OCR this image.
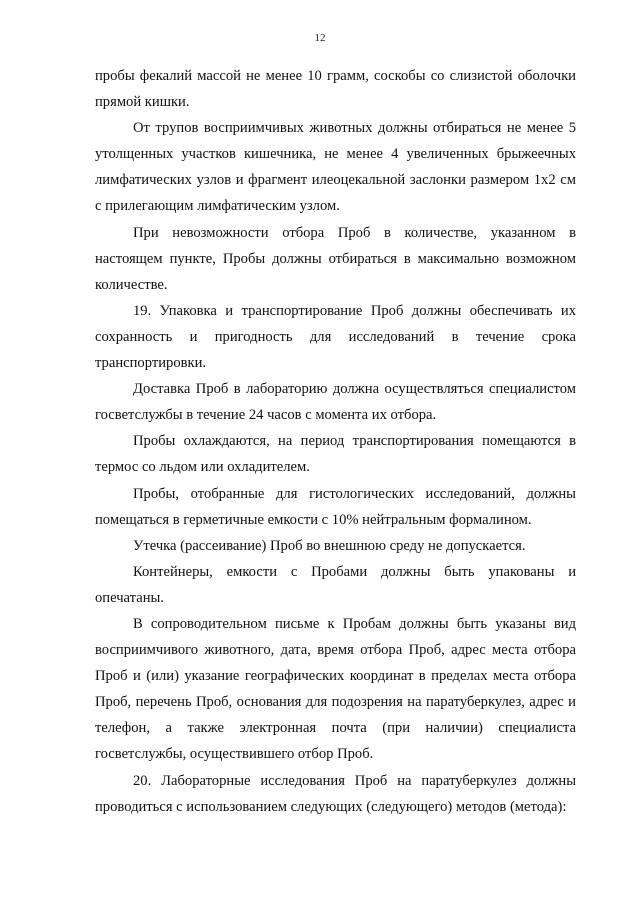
12

пробы фекалий массой не менее 10 грамм, соскобы со слизистой оболочки прямой кишки.

От трупов восприимчивых животных должны отбираться не менее 5 утолщенных участков кишечника, не менее 4 увеличенных брыжеечных лимфатических узлов и фрагмент илеоцекальной заслонки размером 1х2 см с прилегающим лимфатическим узлом.

При невозможности отбора Проб в количестве, указанном в настоящем пункте, Пробы должны отбираться в максимально возможном количестве.

19. Упаковка и транспортирование Проб должны обеспечивать их сохранность и пригодность для исследований в течение срока транспортировки.

Доставка Проб в лабораторию должна осуществляться специалистом госветслужбы в течение 24 часов с момента их отбора.

Пробы охлаждаются, на период транспортирования помещаются в термос со льдом или охладителем.

Пробы, отобранные для гистологических исследований, должны помещаться в герметичные емкости с 10% нейтральным формалином.

Утечка (рассеивание) Проб во внешнюю среду не допускается.

Контейнеры, емкости с Пробами должны быть упакованы и опечатаны.

В сопроводительном письме к Пробам должны быть указаны вид восприимчивого животного, дата, время отбора Проб, адрес места отбора Проб и (или) указание географических координат в пределах места отбора Проб, перечень Проб, основания для подозрения на паратуберкулез, адрес и телефон, а также электронная почта (при наличии) специалиста госветслужбы, осуществившего отбор Проб.

20. Лабораторные исследования Проб на паратуберкулез должны проводиться с использованием следующих (следующего) методов (метода):
